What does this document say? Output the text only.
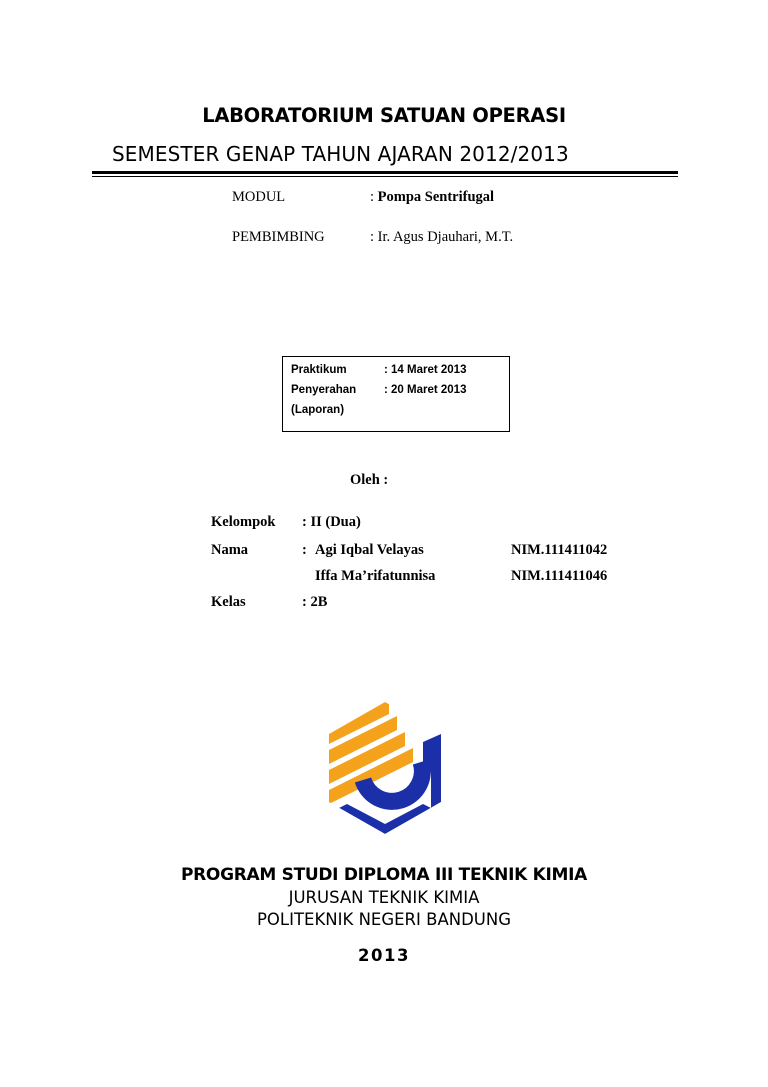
LABORATORIUM SATUAN OPERASI
SEMESTER GENAP TAHUN AJARAN 2012/2013
MODUL	: Pompa Sentrifugal
PEMBIMBING	: Ir. Agus Djauhari, M.T.
Praktikum	: 14 Maret 2013
Penyerahan : 20 Maret 2013
(Laporan)
Oleh :
Kelompok : II (Dua)
Nama	: Agi Iqbal Velayas	NIM.111411042
Iffa Ma’rifatunnisa	NIM.111411046
Kelas	: 2B
PROGRAM STUDI DIPLOMA III TEKNIK KIMIA
JURUSAN TEKNIK KIMIA
POLITEKNIK NEGERI BANDUNG
2013
